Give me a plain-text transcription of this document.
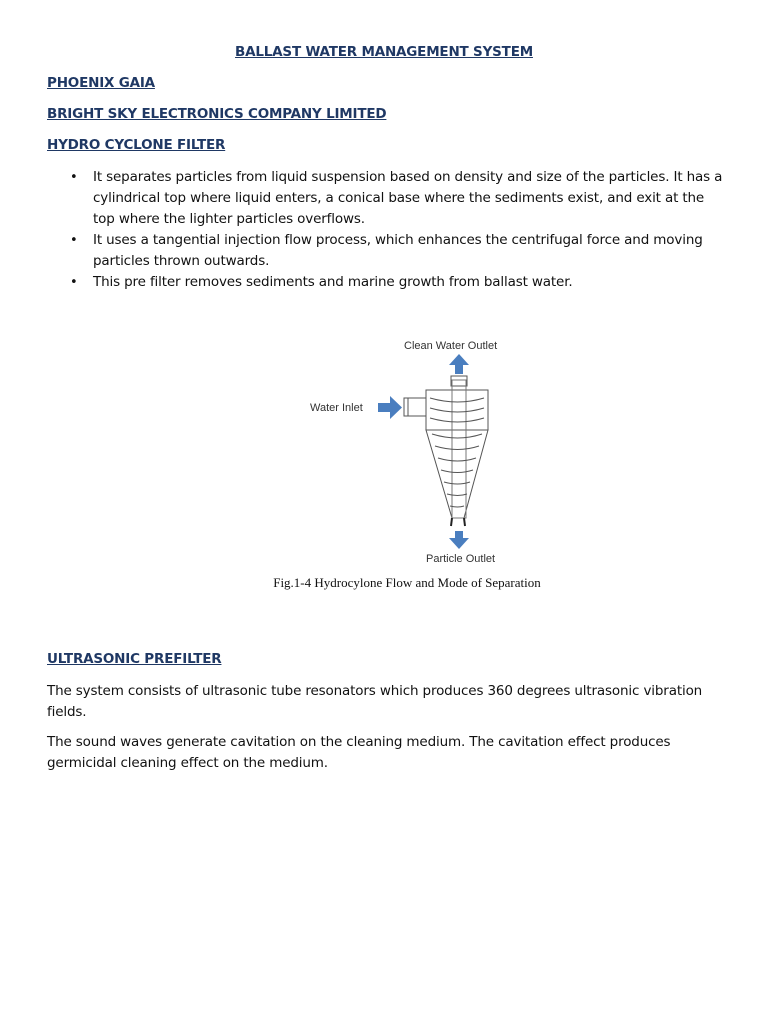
BALLAST WATER MANAGEMENT SYSTEM
PHOENIX GAIA
BRIGHT SKY ELECTRONICS COMPANY LIMITED
HYDRO CYCLONE FILTER
• It separates particles from liquid suspension based on density and size of the particles. It has a cylindrical top where liquid enters, a conical base where the sediments exist, and exit at the top where the lighter particles overflows.
• It uses a tangential injection flow process, which enhances the centrifugal force and moving particles thrown outwards.
• This pre filter removes sediments and marine growth from ballast water.
Clean Water Outlet
Water Inlet
Particle Outlet
Fig.1-4 Hydrocylone Flow and Mode of Separation
ULTRASONIC PREFILTER

The system consists of ultrasonic tube resonators which produces 360 degrees ultrasonic vibration fields.

The sound waves generate cavitation on the cleaning medium. The cavitation effect produces germicidal cleaning effect on the medium.
